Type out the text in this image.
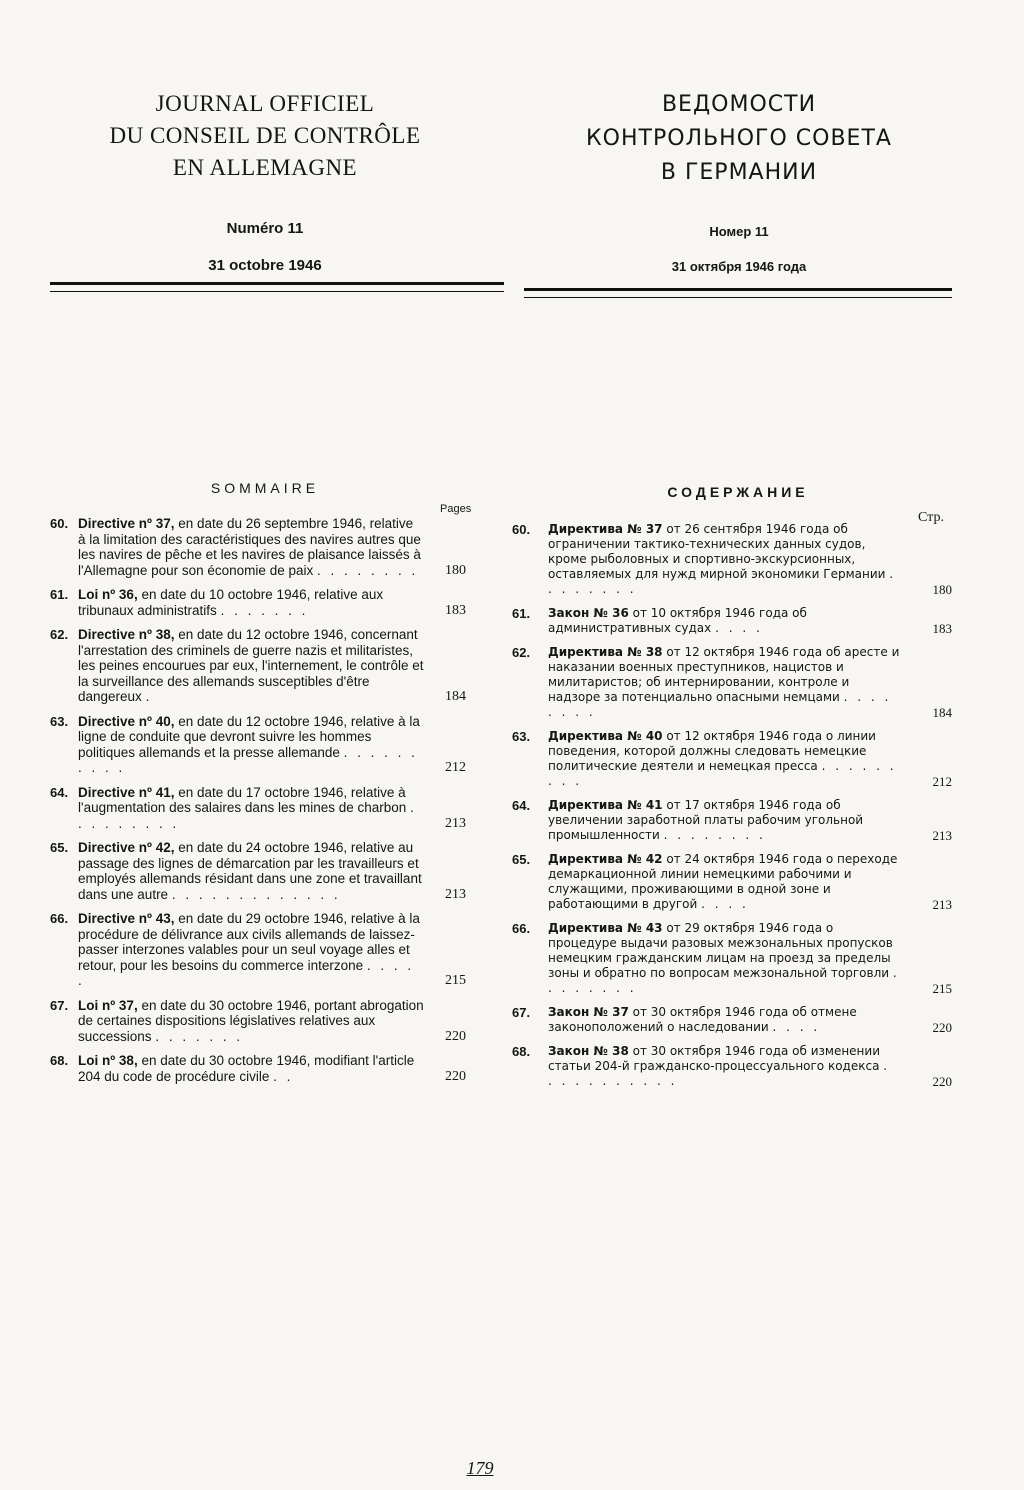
JOURNAL OFFICIEL
DU CONSEIL DE CONTRÔLE
EN ALLEMAGNE
Numéro 11
31 octobre 1946
ВЕДОМОСТИ
КОНТРОЛЬНОГО СОВЕТА
В ГЕРМАНИИ
Номер 11
31 октября 1946 года
SOMMAIRE	СОДЕРЖАНИЕ
Pages
Стр.
60. Directive nº 37, en date du 26 septembre 1946, relative à la limitation des caractéristiques des navires autres que les navires de pêche et les navires de plaisance laissés à l'Allemagne pour son économie de paix . . . . . . . . 180
61. Loi nº 36, en date du 10 octobre 1946, relative aux tribunaux administratifs . . . . . . .	183
62. Directive nº 38, en date du 12 octobre 1946, concernant l'arrestation des criminels de guerre nazis et militaristes, les peines encourues par eux, l'internement, le contrôle et la surveillance des allemands susceptibles d'être dangereux .	184
63. Directive nº 40, en date du 12 octobre 1946, relative à la ligne de conduite que devront suivre les hommes politiques allemands et la presse allemande . . . . . . . . . .	212
64. Directive nº 41, en date du 17 octobre 1946, relative à l'augmentation des salaires dans les mines de charbon . . . . . . . . .	213
65. Directive nº 42, en date du 24 octobre 1946, relative au passage des lignes de démarcation par les travailleurs et employés allemands résidant dans une zone et travaillant dans une autre . . . . . . . . . . . . .	213
66. Directive nº 43, en date du 29 octobre 1946, relative à la procédure de délivrance aux civils allemands de laissez-passer interzones valables pour un seul voyage alles et retour, pour les besoins du commerce interzone . . . . .	215
67. Loi nº 37, en date du 30 octobre 1946, portant abrogation de certaines dispositions législatives relatives aux successions . . . . . . .	220
68. Loi nº 38, en date du 30 octobre 1946, modifiant l'article 204 du code de procédure civile . .	220
60.	Директива № 37 от 26 сентября 1946 года об ограничении тактико-технических данных судов, кроме рыболовных и спортивно-экскурсионных, оставляемых для нужд мирной экономики Германии . . . . . . . .	180
61.	Закон № 36 от 10 октября 1946 года об административных судах . . . .	183
62.	Директива № 38 от 12 октября 1946 года об аресте и наказании военных преступников, нацистов и милитаристов; об интернировании, контроле и надзоре за потенциально опасными немцами . . . . . . . .	184
63.	Директива № 40 от 12 октября 1946 года о линии поведения, которой должны следовать немецкие политические деятели и немецкая пресса . . . . . . . . .	212
64.	Директива № 41 от 17 октября 1946 года об увеличении заработной платы рабочим угольной промышленности . . . . . . . .	213
65.	Директива № 42 от 24 октября 1946 года о переходе демаркационной линии немецкими рабочими и служащими, проживающими в одной зоне и работающими в другой . . . .	213
66.	Директива № 43 от 29 октября 1946 года о процедуре выдачи разовых межзональных пропусков немецким гражданским лицам на проезд за пределы зоны и обратно по вопросам межзональной торговли . . . . . . . .	215
67.	Закон № 37 от 30 октября 1946 года об отмене законоположений о наследовании . . . .	220
68.	Закон № 38 от 30 октября 1946 года об изменении статьи 204-й гражданско-процессуального кодекса . . . . . . . . . . .	220
179
